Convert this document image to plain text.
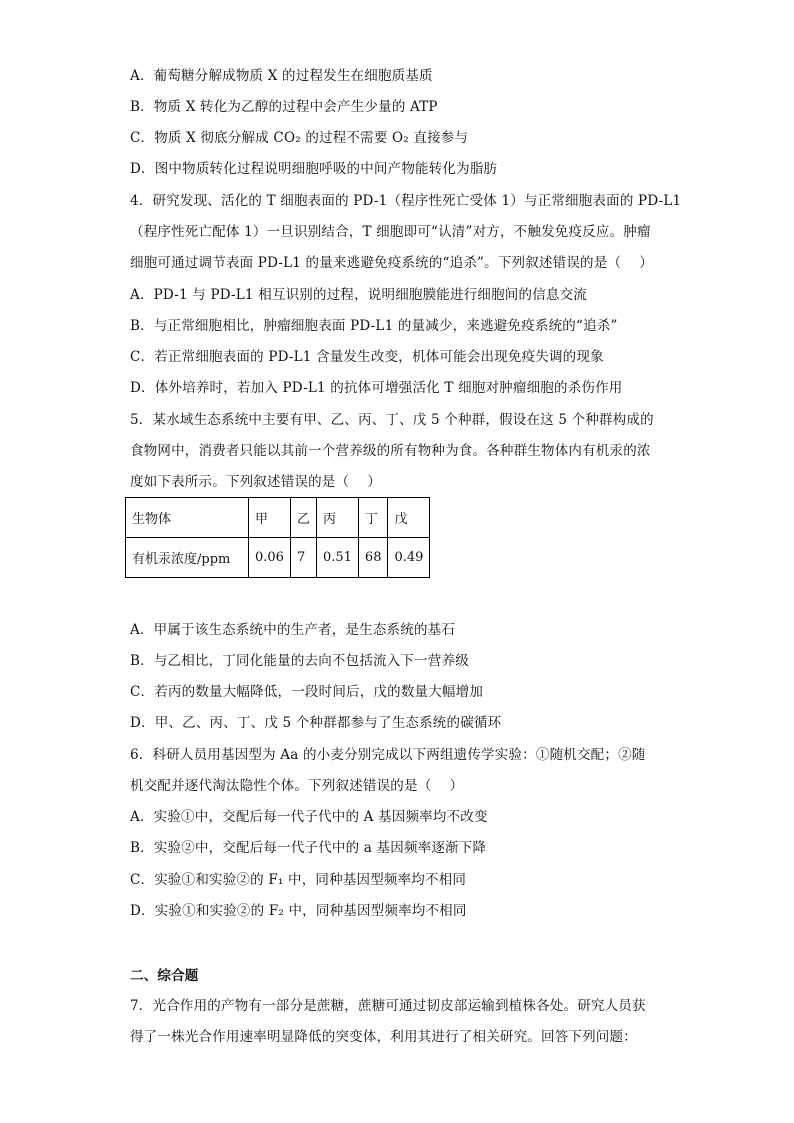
A．葡萄糖分解成物质 X 的过程发生在细胞质基质
B．物质 X 转化为乙醇的过程中会产生少量的 ATP
C．物质 X 彻底分解成 CO₂ 的过程不需要 O₂ 直接参与
D．图中物质转化过程说明细胞呼吸的中间产物能转化为脂肪
4．研究发现、活化的 T 细胞表面的 PD-1（程序性死亡受体 1）与正常细胞表面的 PD-L1
（程序性死亡配体 1）一旦识别结合，T 细胞即可“认清”对方，不触发免疫反应。肿瘤
细胞可通过调节表面 PD-L1 的量来逃避免疫系统的“追杀”。下列叙述错误的是（　 ）
A．PD-1 与 PD-L1 相互识别的过程，说明细胞膜能进行细胞间的信息交流
B．与正常细胞相比，肿瘤细胞表面 PD-L1 的量减少，来逃避免疫系统的“追杀”
C．若正常细胞表面的 PD-L1 含量发生改变，机体可能会出现免疫失调的现象
D．体外培养时，若加入 PD-L1 的抗体可增强活化 T 细胞对肿瘤细胞的杀伤作用
5．某水域生态系统中主要有甲、乙、丙、丁、戊 5 个种群，假设在这 5 个种群构成的
食物网中，消费者只能以其前一个营养级的所有物种为食。各种群生物体内有机汞的浓
度如下表所示。下列叙述错误的是（　 ）
生物体	甲	乙	丙	丁	戊
有机汞浓度/ppm	0.06	7	0.51	68	0.49
A．甲属于该生态系统中的生产者，是生态系统的基石
B．与乙相比，丁同化能量的去向不包括流入下一营养级
C．若丙的数量大幅降低，一段时间后，戊的数量大幅增加
D．甲、乙、丙、丁、戊 5 个种群都参与了生态系统的碳循环
6．科研人员用基因型为 Aa 的小麦分别完成以下两组遗传学实验：①随机交配；②随
机交配并逐代淘汰隐性个体。下列叙述错误的是（　 ）
A．实验①中，交配后每一代子代中的 A 基因频率均不改变
B．实验②中，交配后每一代子代中的 a 基因频率逐渐下降
C．实验①和实验②的 F₁ 中，同种基因型频率均不相同
D．实验①和实验②的 F₂ 中，同种基因型频率均不相同
二、综合题
7．光合作用的产物有一部分是蔗糖，蔗糖可通过韧皮部运输到植株各处。研究人员获
得了一株光合作用速率明显降低的突变体，利用其进行了相关研究。回答下列问题：
